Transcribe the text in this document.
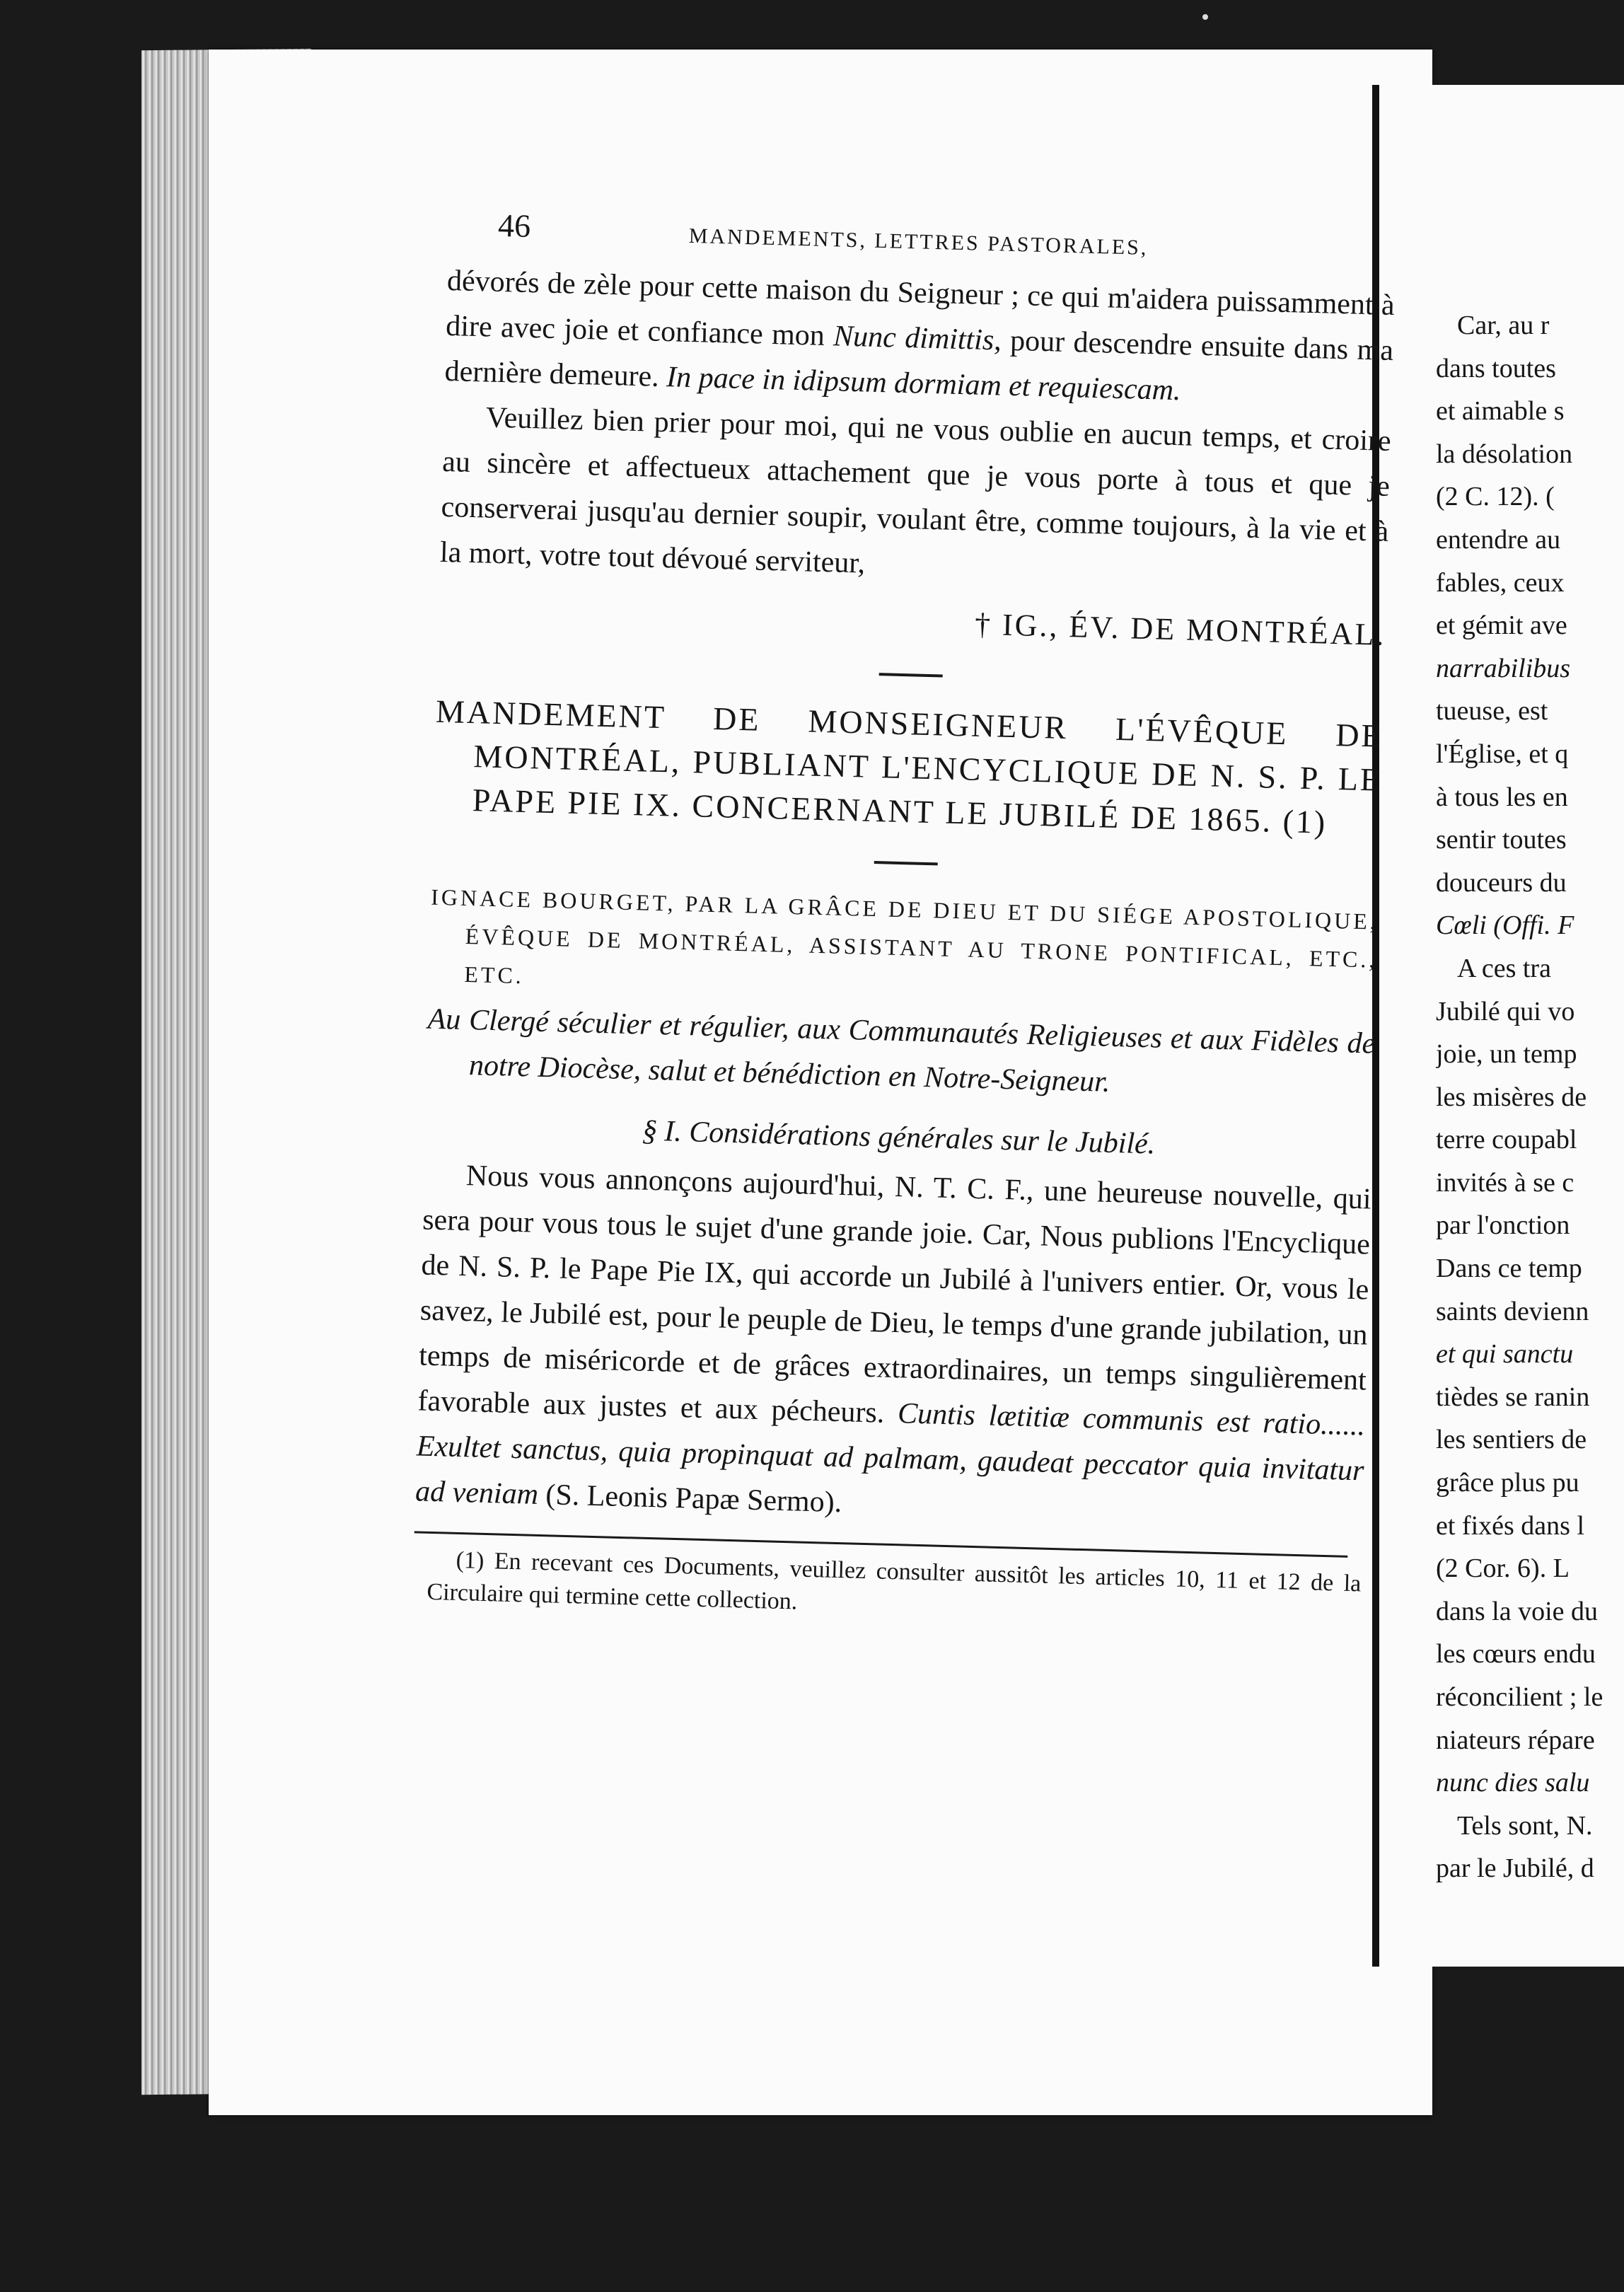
46	MANDEMENTS, LETTRES PASTORALES,

dévorés de zèle pour cette maison du Seigneur ; ce qui m'aidera puissamment à dire avec joie et confiance mon Nunc dimittis, pour descendre ensuite dans ma dernière demeure. In pace in idipsum dormiam et requiescam.

Veuillez bien prier pour moi, qui ne vous oublie en aucun temps, et croire au sincère et affectueux attachement que je vous porte à tous et que je conserverai jusqu'au dernier soupir, voulant être, comme toujours, à la vie et à la mort, votre tout dévoué serviteur,

† IG., ÉV. DE MONTRÉAL.

MANDEMENT DE MONSEIGNEUR L'ÉVÊQUE DE MONTRÉAL, PUBLIANT L'ENCYCLIQUE DE N. S. P. LE PAPE PIE IX. CONCERNANT LE JUBILÉ DE 1865. (1)

IGNACE BOURGET, PAR LA GRÂCE DE DIEU ET DU SIÉGE APOSTOLIQUE, ÉVÊQUE DE MONTRÉAL, ASSISTANT AU TRONE PONTIFICAL, ETC., ETC.

Au Clergé séculier et régulier, aux Communautés Religieuses et aux Fidèles de notre Diocèse, salut et bénédiction en Notre-Seigneur.

§ I. Considérations générales sur le Jubilé.

Nous vous annonçons aujourd'hui, N. T. C. F., une heureuse nouvelle, qui sera pour vous tous le sujet d'une grande joie. Car, Nous publions l'Encyclique de N. S. P. le Pape Pie IX, qui accorde un Jubilé à l'univers entier. Or, vous le savez, le Jubilé est, pour le peuple de Dieu, le temps d'une grande jubilation, un temps de miséricorde et de grâces extraordinaires, un temps singulièrement favorable aux justes et aux pécheurs. Cuntis lætitiæ communis est ratio...... Exultet sanctus, quia propinquat ad palmam, gaudeat peccator quia invitatur ad veniam (S. Leonis Papæ Sermo).

(1) En recevant ces Documents, veuillez consulter aussitôt les articles 10, 11 et 12 de la Circulaire qui termine cette collection.

Car, au r
dans toutes
et aimable s
la désolation
(2 C. 12). (
entendre au
fables, ceux
et gémit ave
narrabilibus
tueuse, est
l'Église, et q
à tous les en
sentir toutes
douceurs du
Cœli (Offi. F
A ces tra
Jubilé qui vo
joie, un temp
les misères de
terre coupabl
invités à se c
par l'onction
Dans ce temp
saints devienn
et qui sanctu
tièdes se ranin
les sentiers de
grâce plus pu
et fixés dans l
(2 Cor. 6). L
dans la voie du
les cœurs endu
réconcilient ; le
niateurs répare
nunc dies salu
Tels sont, N.
par le Jubilé, d
